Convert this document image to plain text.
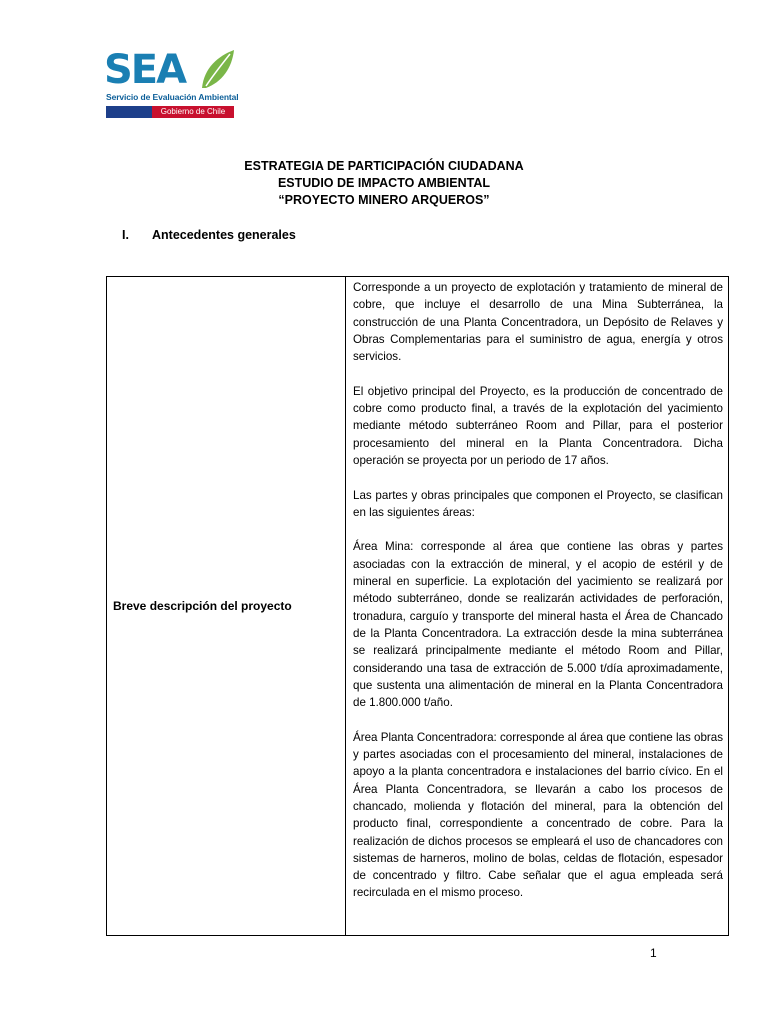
SEA
Servicio de Evaluación Ambiental
Gobierno de Chile
ESTRATEGIA DE PARTICIPACIÓN CIUDADANA
ESTUDIO DE IMPACTO AMBIENTAL
“PROYECTO MINERO ARQUEROS”
I. Antecedentes generales
Breve descripción del proyecto

Corresponde a un proyecto de explotación y tratamiento de mineral de cobre, que incluye el desarrollo de una Mina Subterránea, la construcción de una Planta Concentradora, un Depósito de Relaves y Obras Complementarias para el suministro de agua, energía y otros servicios.

El objetivo principal del Proyecto, es la producción de concentrado de cobre como producto final, a través de la explotación del yacimiento mediante método subterráneo Room and Pillar, para el posterior procesamiento del mineral en la Planta Concentradora. Dicha operación se proyecta por un periodo de 17 años.

Las partes y obras principales que componen el Proyecto, se clasifican en las siguientes áreas:

Área Mina: corresponde al área que contiene las obras y partes asociadas con la extracción de mineral, y el acopio de estéril y de mineral en superficie. La explotación del yacimiento se realizará por método subterráneo, donde se realizarán actividades de perforación, tronadura, carguío y transporte del mineral hasta el Área de Chancado de la Planta Concentradora. La extracción desde la mina subterránea se realizará principalmente mediante el método Room and Pillar, considerando una tasa de extracción de 5.000 t/día aproximadamente, que sustenta una alimentación de mineral en la Planta Concentradora de 1.800.000 t/año.

Área Planta Concentradora: corresponde al área que contiene las obras y partes asociadas con el procesamiento del mineral, instalaciones de apoyo a la planta concentradora e instalaciones del barrio cívico. En el Área Planta Concentradora, se llevarán a cabo los procesos de chancado, molienda y flotación del mineral, para la obtención del producto final, correspondiente a concentrado de cobre. Para la realización de dichos procesos se empleará el uso de chancadores con sistemas de harneros, molino de bolas, celdas de flotación, espesador de concentrado y filtro. Cabe señalar que el agua empleada será recirculada en el mismo proceso.

1
